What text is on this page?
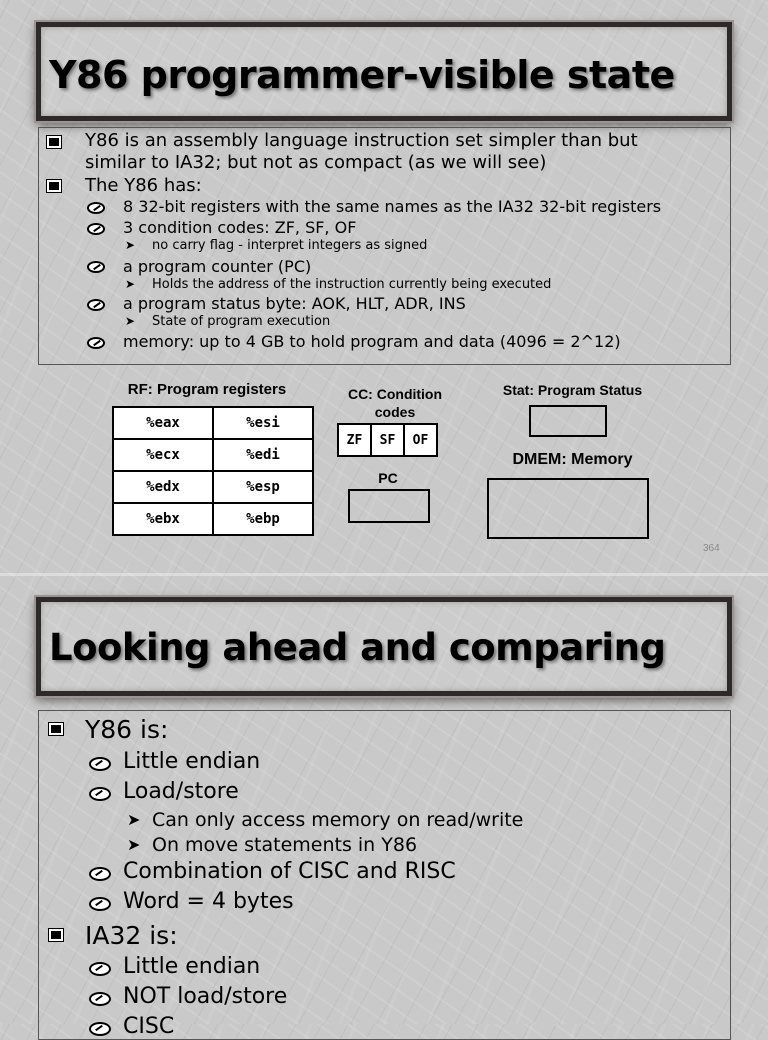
Y86 programmer-visible state
Y86 is an assembly language instruction set simpler than but
similar to IA32; but not as compact (as we will see)
The Y86 has:
8 32-bit registers with the same names as the IA32 32-bit registers
3 condition codes: ZF, SF, OF
➤ no carry flag - interpret integers as signed
a program counter (PC)
➤ Holds the address of the instruction currently being executed
a program status byte: AOK, HLT, ADR, INS
➤ State of program execution
memory: up to 4 GB to hold program and data (4096 = 2^12)
RF: Program registers
%eax	%esi
%ecx	%edi
%edx	%esp
%ebx	%ebp
CC: Condition
codes
ZF	SF	OF
PC
Stat: Program Status
DMEM: Memory
364
Looking ahead and comparing
Y86 is:
Little endian
Load/store
➤ Can only access memory on read/write
➤ On move statements in Y86
Combination of CISC and RISC
Word = 4 bytes
IA32 is:
Little endian
NOT load/store
CISC
